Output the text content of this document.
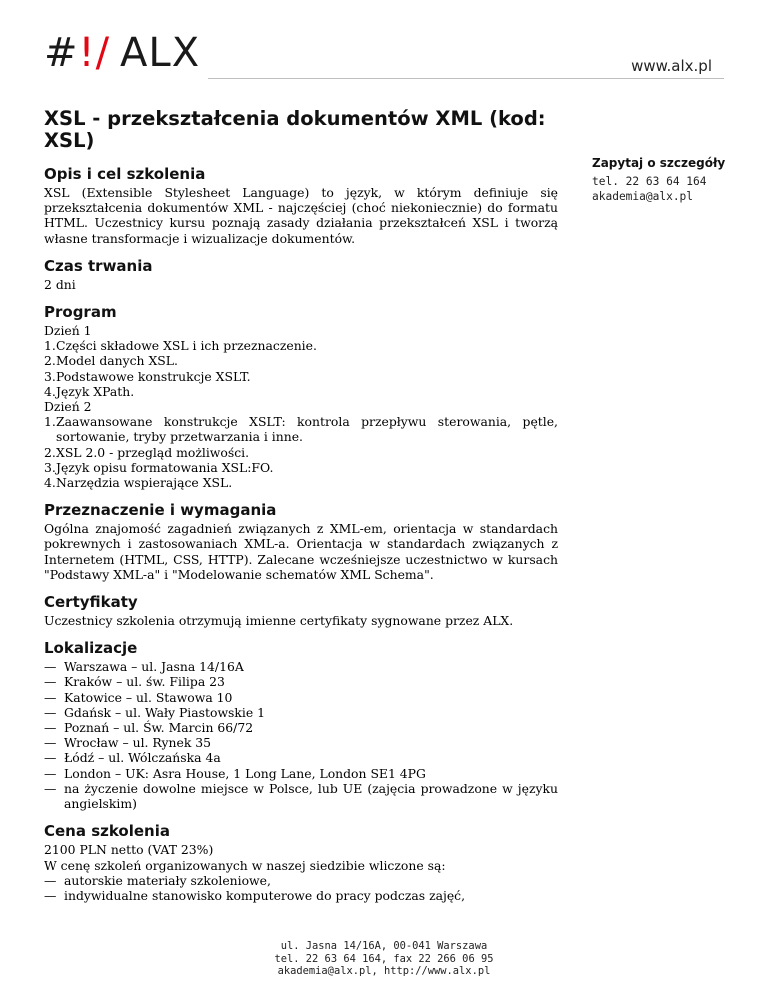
#!/ ALX	www.alx.pl
XSL - przekształcenia dokumentów XML (kod: XSL)
Opis i cel szkolenia

XSL (Extensible Stylesheet Language) to język, w którym definiuje się przekształcenia dokumentów XML - najczęściej (choć niekoniecznie) do formatu HTML. Uczestnicy kursu poznają zasady działania przekształceń XSL i tworzą własne transformacje i wizualizacje dokumentów.

Czas trwania

2 dni

Program
Dzień 1
1. Części składowe XSL i ich przeznaczenie.
2. Model danych XSL.
3. Podstawowe konstrukcje XSLT.
4. Język XPath.
Dzień 2
1. Zaawansowane konstrukcje XSLT: kontrola przepływu sterowania, pętle, sortowanie, tryby przetwarzania i inne.
2. XSL 2.0 - przegląd możliwości.
3. Język opisu formatowania XSL:FO.
4. Narzędzia wspierające XSL.
Przeznaczenie i wymagania

Ogólna znajomość zagadnień związanych z XML-em, orientacja w standardach pokrewnych i zastosowaniach XML-a. Orientacja w standardach związanych z Internetem (HTML, CSS, HTTP). Zalecane wcześniejsze uczestnictwo w kursach "Podstawy XML-a" i "Modelowanie schematów XML Schema".

Certyfikaty

Uczestnicy szkolenia otrzymują imienne certyfikaty sygnowane przez ALX.

Lokalizacje
— Warszawa – ul. Jasna 14/16A
— Kraków – ul. św. Filipa 23
— Katowice – ul. Stawowa 10
— Gdańsk – ul. Wały Piastowskie 1
— Poznań – ul. Św. Marcin 66/72
— Wrocław – ul. Rynek 35
— Łódź – ul. Wólczańska 4a
— London – UK: Asra House, 1 Long Lane, London SE1 4PG
— na życzenie dowolne miejsce w Polsce, lub UE (zajęcia prowadzone w języku angielskim)
Cena szkolenia

2100 PLN netto (VAT 23%)

W cenę szkoleń organizowanych w naszej siedzibie wliczone są:

— autorskie materiały szkoleniowe,
— indywidualne stanowisko komputerowe do pracy podczas zajęć,
Zapytaj o szczegóły
tel. 22 63 64 164
akademia@alx.pl
ul. Jasna 14/16A, 00-041 Warszawa
tel. 22 63 64 164, fax 22 266 06 95
akademia@alx.pl, http://www.alx.pl
